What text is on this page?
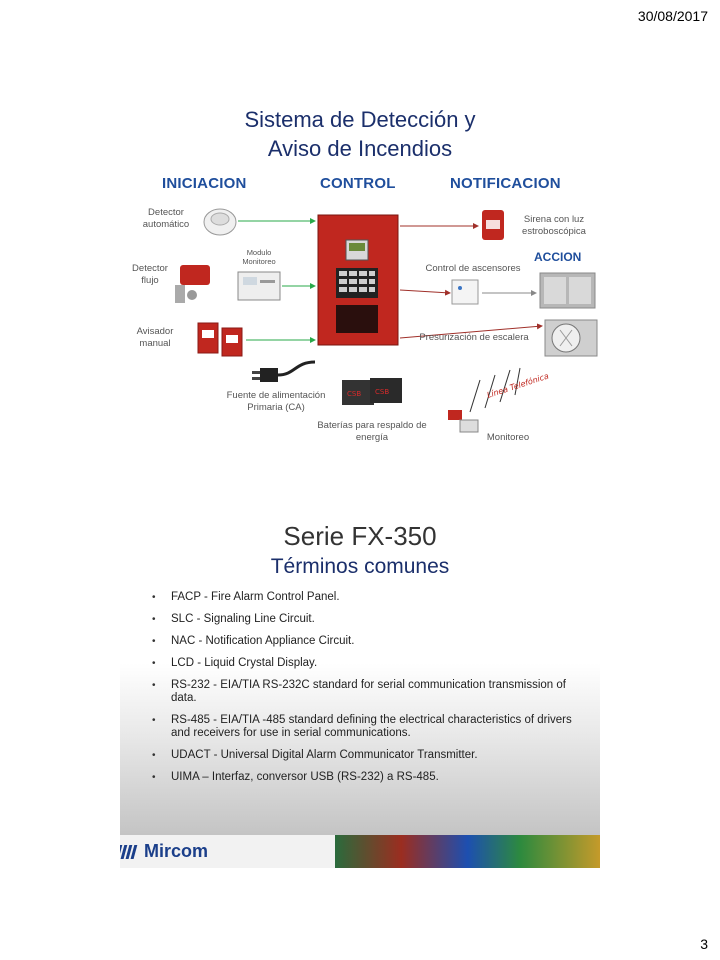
30/08/2017
Sistema de Detección y
Aviso de Incendios
INICIACION	CONTROL	NOTIFICACION
CSB CSB	Línea Telefónica
Detector automático
Modulo Monitoreo
Detector flujo
Avisador manual
Fuente de alimentación Primaria (CA)
Baterías para respaldo de energía
Sirena con luz estroboscópica
ACCION
Control de ascensores
Presurización de escalera
Monitoreo
Serie FX-350
Términos comunes
• FACP - Fire Alarm Control Panel.
• SLC - Signaling Line Circuit.
• NAC - Notification Appliance Circuit.
• LCD - Liquid Crystal Display.
• RS-232 - EIA/TIA RS-232C standard for serial communication transmission of data.
• RS-485 - EIA/TIA -485 standard defining the electrical characteristics of drivers and receivers for use in serial communications.
• UDACT - Universal Digital Alarm Communicator Transmitter.
• UIMA – Interfaz, conversor USB (RS-232) a RS-485.
Mircom
3
